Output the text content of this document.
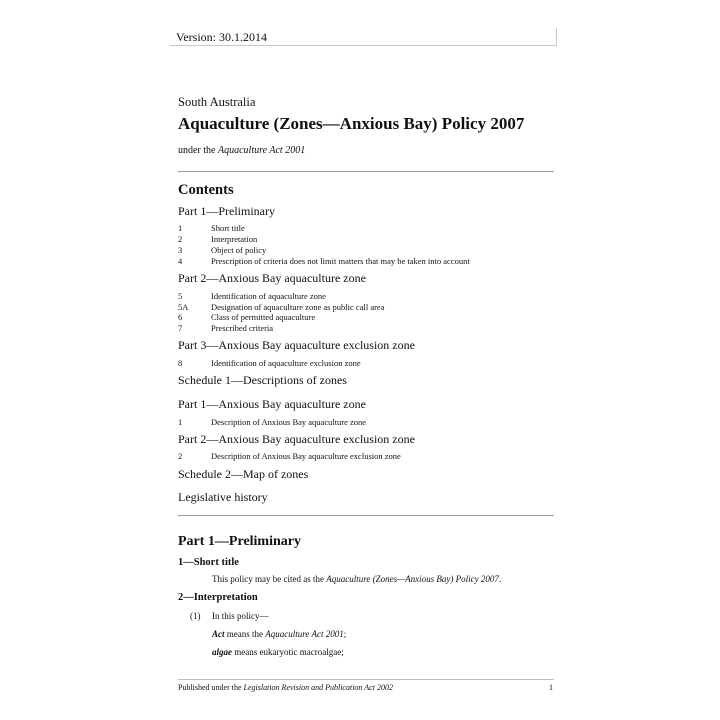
Version: 30.1.2014
South Australia
Aquaculture (Zones—Anxious Bay) Policy 2007
under the Aquaculture Act 2001
Contents
Part 1—Preliminary
1	Short title
2	Interpretation
3	Object of policy
4	Prescription of criteria does not limit matters that may be taken into account
Part 2—Anxious Bay aquaculture zone
5	Identification of aquaculture zone
5A	Designation of aquaculture zone as public call area
6	Class of permitted aquaculture
7	Prescribed criteria
Part 3—Anxious Bay aquaculture exclusion zone
8	Identification of aquaculture exclusion zone
Schedule 1—Descriptions of zones
Part 1—Anxious Bay aquaculture zone
1	Description of Anxious Bay aquaculture zone
Part 2—Anxious Bay aquaculture exclusion zone
2	Description of Anxious Bay aquaculture exclusion zone
Schedule 2—Map of zones
Legislative history
Part 1—Preliminary
1—Short title
This policy may be cited as the Aquaculture (Zones—Anxious Bay) Policy 2007.
2—Interpretation
(1) In this policy—
Act means the Aquaculture Act 2001;
algae means eukaryotic macroalgae;
Published under the Legislation Revision and Publication Act 2002	1
